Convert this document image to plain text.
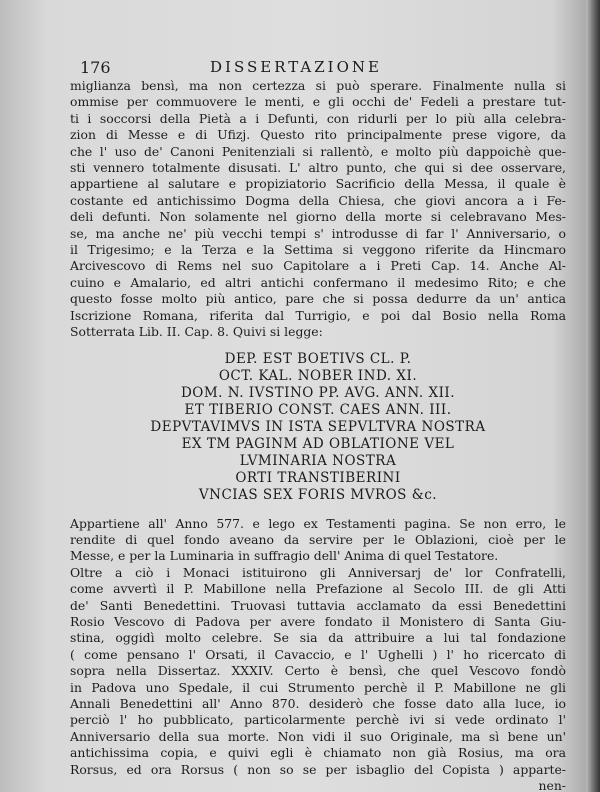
176	DISSERTAZIONE

miglianza bensì, ma non certezza si può sperare. Finalmente nulla si
ommise per commuovere le menti, e gli occhi de' Fedeli a prestare tut-
ti i soccorsi della Pietà a i Defunti, con ridurli per lo più alla celebra-
zion di Messe e di Ufizj. Questo rito principalmente prese vigore, da
che l' uso de' Canoni Penitenziali si rallentò, e molto più dappoichè que-
sti vennero totalmente disusati. L' altro punto, che qui si dee osservare,
appartiene al salutare e propiziatorio Sacrificio della Messa, il quale è
costante ed antichissimo Dogma della Chiesa, che giovi ancora a i Fe-
deli defunti. Non solamente nel giorno della morte si celebravano Mes-
se, ma anche ne' più vecchi tempi s' introdusse di far l' Anniversario, o
il Trigesimo; e la Terza e la Settima si veggono riferite da Hincmaro
Arcivescovo di Rems nel suo Capitolare a i Preti Cap. 14. Anche Al-
cuino e Amalario, ed altri antichi confermano il medesimo Rito; e che
questo fosse molto più antico, pare che si possa dedurre da un' antica
Iscrizione Romana, riferita dal Turrigio, e poi dal Bosio nella Roma
Sotterrata Lib. II. Cap. 8. Quivi si legge:

DEP. EST BOETIVS CL. P.
OCT. KAL. NOBER IND. XI.
DOM. N. IVSTINO PP. AVG. ANN. XII.
ET TIBERIO CONST. CAES ANN. III.
DEPVTAVIMVS IN ISTA SEPVLTVRA NOSTRA
EX TM PAGINM AD OBLATIONE VEL
LVMINARIA NOSTRA
ORTI TRANSTIBERINI
VNCIAS SEX FORIS MVROS &c.

Appartiene all' Anno 577. e lego ex Testamenti pagina. Se non erro, le
rendite di quel fondo aveano da servire per le Oblazioni, cioè per le
Messe, e per la Luminaria in suffragio dell' Anima di quel Testatore.

Oltre a ciò i Monaci istituirono gli Anniversarj de' lor Confratelli,
come avvertì il P. Mabillone nella Prefazione al Secolo III. de gli Atti
de' Santi Benedettini. Truovasi tuttavia acclamato da essi Benedettini
Rosio Vescovo di Padova per avere fondato il Monistero di Santa Giu-
stina, oggidì molto celebre. Se sia da attribuire a lui tal fondazione
( come pensano l' Orsati, il Cavaccio, e l' Ughelli ) l' ho ricercato di
sopra nella Dissertaz. XXXIV. Certo è bensì, che quel Vescovo fondò
in Padova uno Spedale, il cui Strumento perchè il P. Mabillone ne gli
Annali Benedettini all' Anno 870. desiderò che fosse dato alla luce, io
perciò l' ho pubblicato, particolarmente perchè ivi si vede ordinato l'
Anniversario della sua morte. Non vidi il suo Originale, ma sì bene un'
antichissima copia, e quivi egli è chiamato non già Rosius, ma ora
Rorsus, ed ora Rorsus ( non so se per isbaglio del Copista ) apparte-

nen-
